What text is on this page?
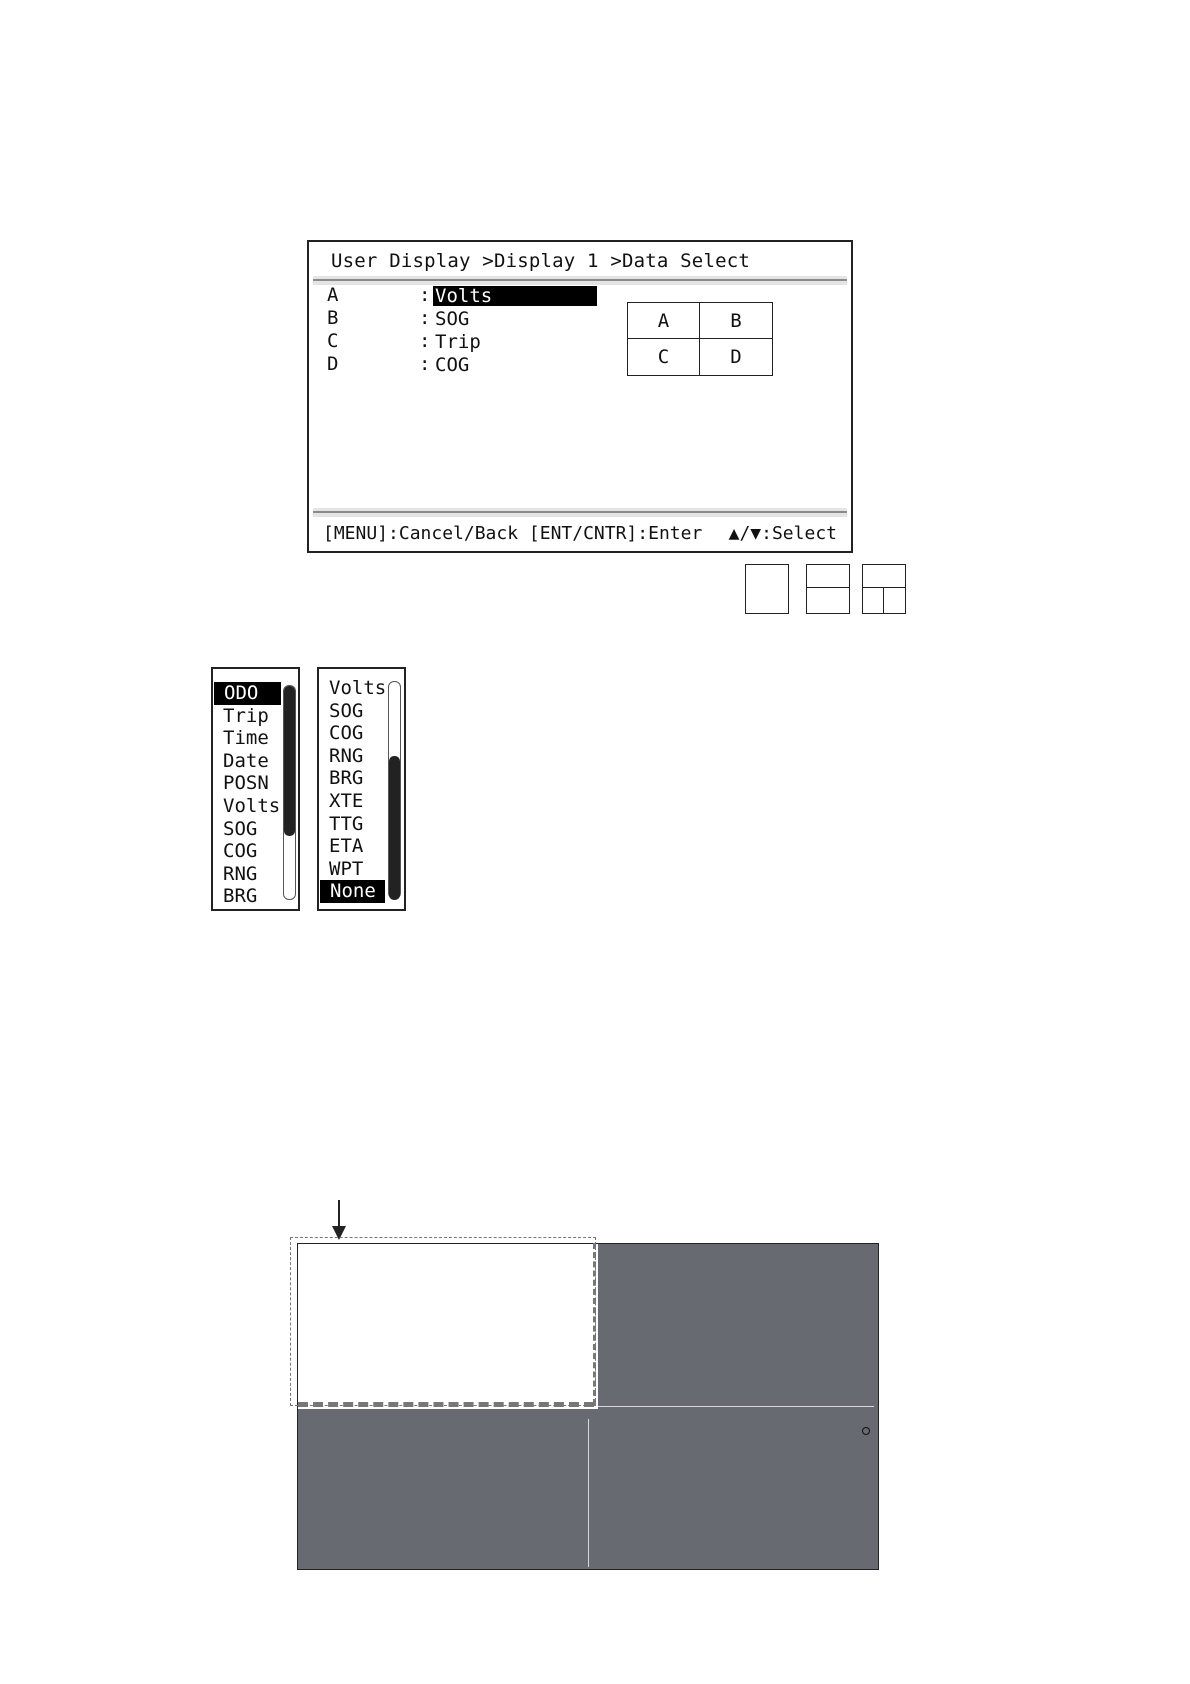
User Display >Display 1 >Data Select
A	: Volts
B	: SOG
C	: Trip
D	: COG
A	B
C	D
[MENU]:Cancel/Back [ENT/CNTR]:Enter ▲/▼:Select
ODO
Trip
Time
Date
POSN
Volts
SOG
COG
RNG
BRG
Volts
SOG
COG
RNG
BRG
XTE
TTG
ETA
WPT
None
